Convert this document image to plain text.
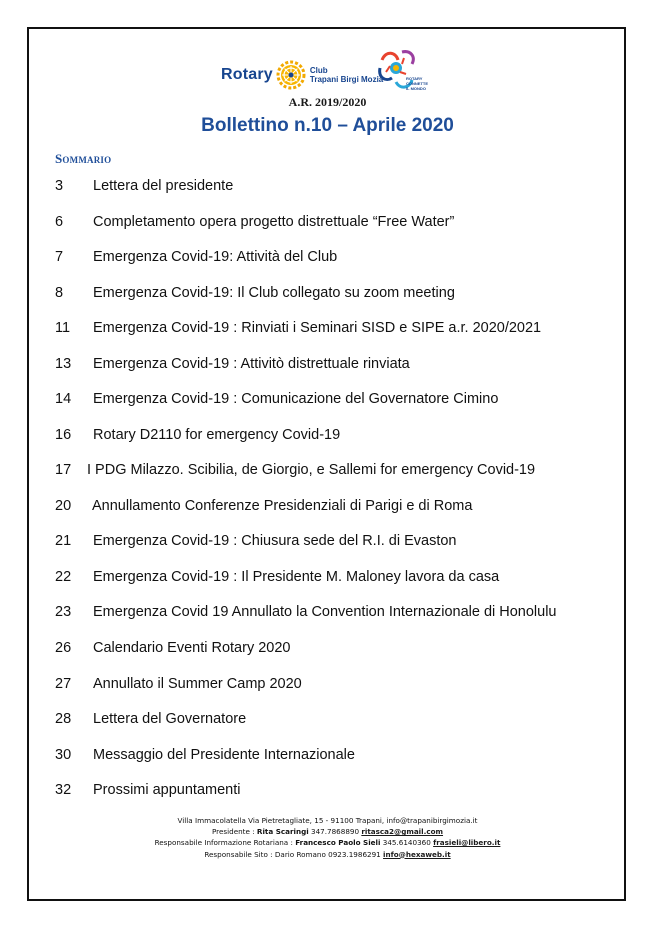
Rotary	Club
Trapani Birgi Mozia	ROTARY
CONNETTE
IL MONDO
A.R. 2019/2020
Bollettino n.10 – Aprile 2020
Sommario
3 Lettera del presidente
6 Completamento opera progetto distrettuale “Free Water”
7 Emergenza Covid-19: Attività del Club
8 Emergenza Covid-19: Il Club collegato su zoom meeting
11 Emergenza Covid-19 : Rinviati i Seminari SISD e SIPE a.r. 2020/2021
13 Emergenza Covid-19 : Attivitò distrettuale rinviata
14 Emergenza Covid-19 : Comunicazione del Governatore Cimino
16 Rotary D2110 for emergency Covid-19
17 I PDG Milazzo. Scibilia, de Giorgio, e Sallemi for emergency Covid-19
20 Annullamento Conferenze Presidenziali di Parigi e di Roma
21 Emergenza Covid-19 : Chiusura sede del R.I. di Evaston
22 Emergenza Covid-19 : Il Presidente M. Maloney lavora da casa
23 Emergenza Covid 19 Annullato la Convention Internazionale di Honolulu
26 Calendario Eventi Rotary 2020
27 Annullato il Summer Camp 2020
28 Lettera del Governatore
30 Messaggio del Presidente Internazionale
32 Prossimi appuntamenti
Villa Immacolatella Via Pietretagliate, 15 - 91100 Trapani, info@trapanibirgimozia.it
Presidente : Rita Scaringi 347.7868890 ritasca2@gmail.com
Responsabile Informazione Rotariana : Francesco Paolo Sieli 345.6140360 frasieli@libero.it
Responsabile Sito : Dario Romano 0923.1986291 info@hexaweb.it
